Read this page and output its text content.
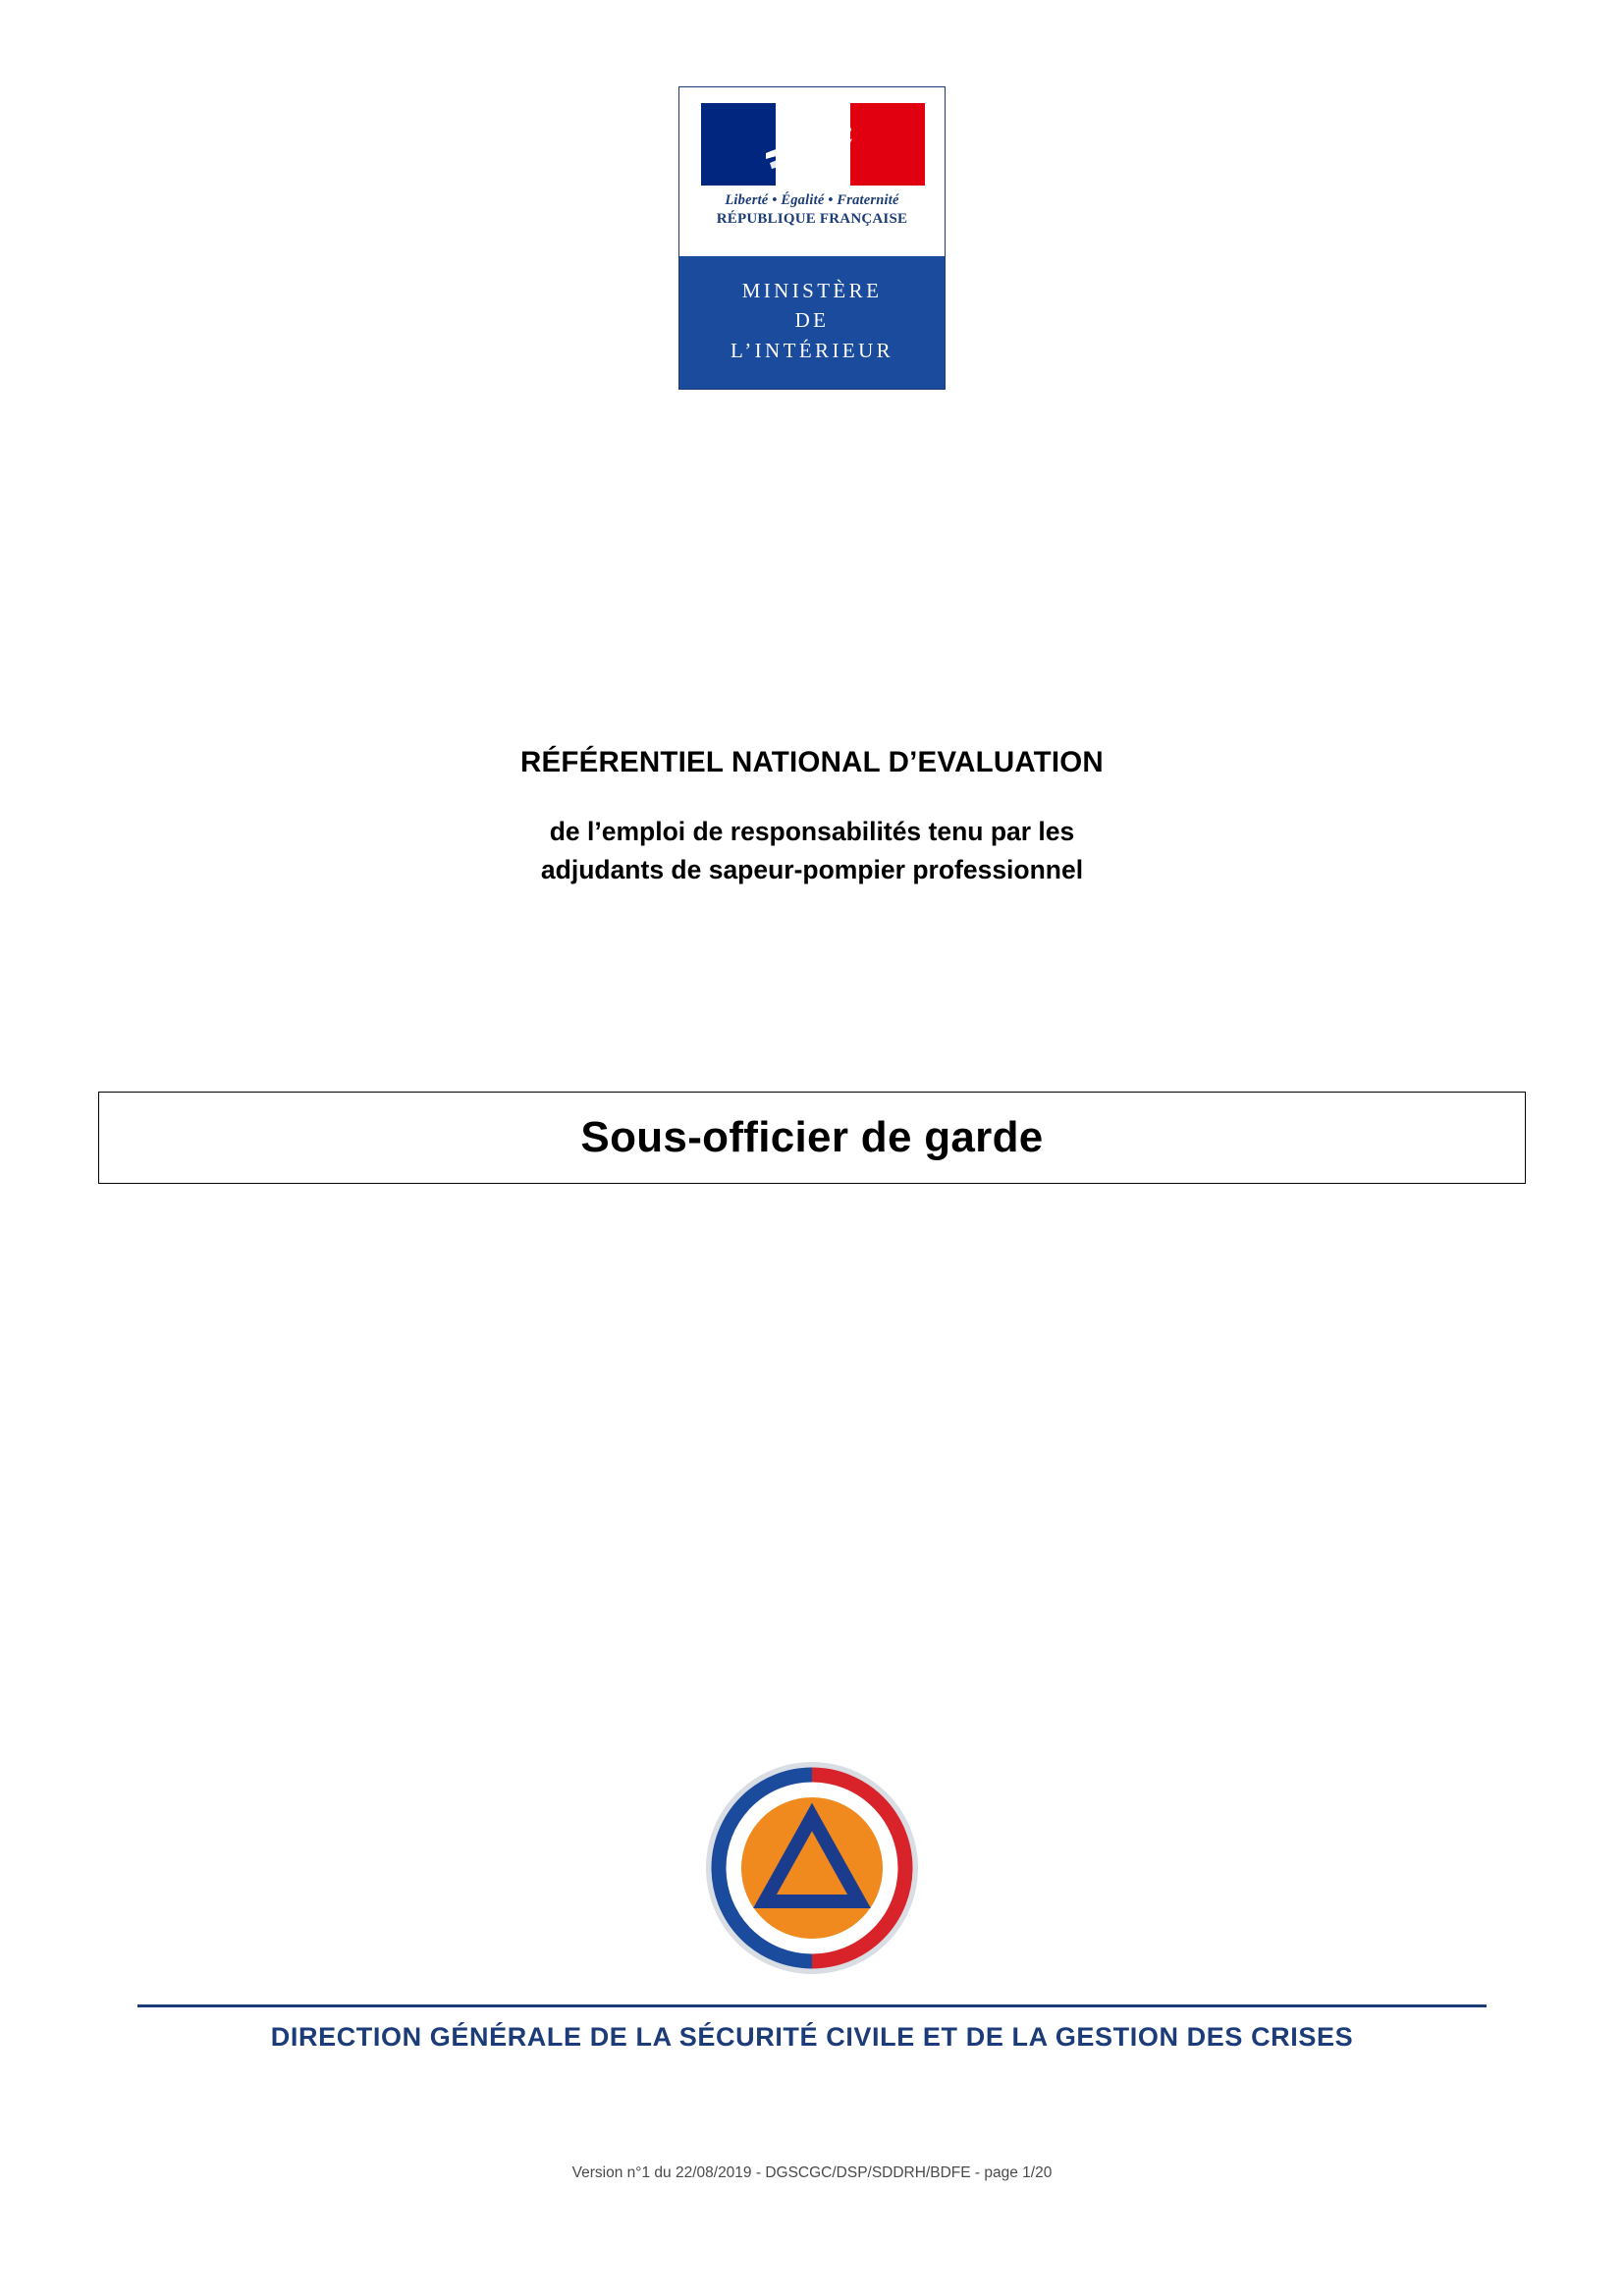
Liberté • Égalité • Fraternité
RÉPUBLIQUE FRANÇAISE
MINISTÈRE
DE
L’INTÉRIEUR
RÉFÉRENTIEL NATIONAL D’EVALUATION
de l’emploi de responsabilités tenu par les
adjudants de sapeur-pompier professionnel
Sous-officier de garde
DIRECTION GÉNÉRALE DE LA SÉCURITÉ CIVILE ET DE LA GESTION DES CRISES
Version n°1 du 22/08/2019 - DGSCGC/DSP/SDDRH/BDFE - page 1/20
